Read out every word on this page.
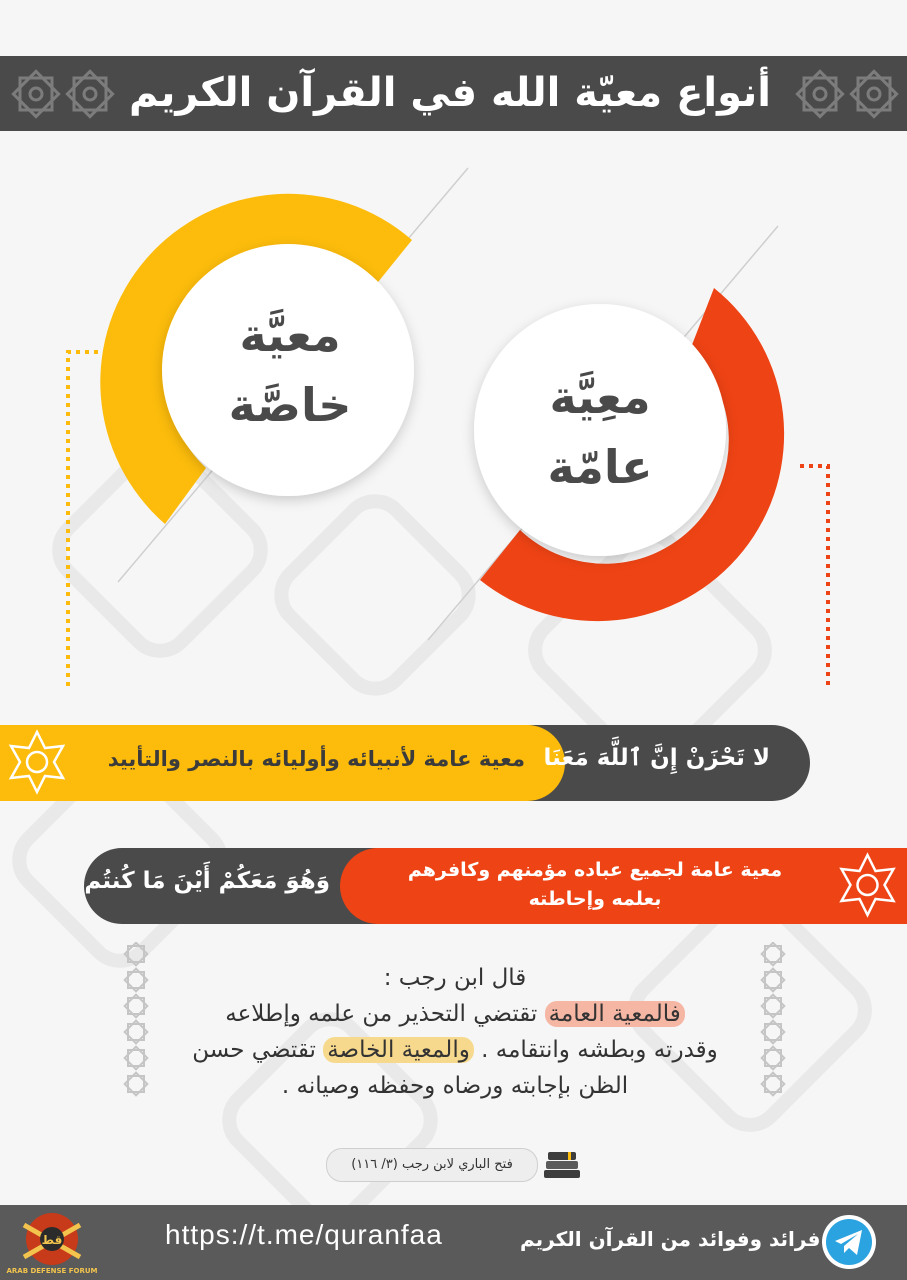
أنواع معيّة الله في القرآن الكريم
معيَّة
خاصَّة	معِيَّة
عامّة
معية عامة لأنبيائه وأوليائه بالنصر والتأييد لا تَحْزَنْ إِنَّ ٱللَّهَ مَعَنَا
وَهُوَ مَعَكُمْ أَيْنَ مَا كُنتُم	معية عامة لجميع عباده مؤمنهم وكافرهم
بعلمه وإحاطته
قال ابن رجب :
فالمعية العامة تقتضي التحذير من علمه وإطلاعه
وقدرته وبطشه وانتقامه . والمعية الخاصة تقتضي حسن
الظن بإجابته ورضاه وحفظه وصيانه .
فتح الباري لابن رجب (٣/ ١١٦)
https://t.me/quranfaa	فرائد وفوائد من القرآن الكريم
قط
ARAB DEFENSE FORUM
